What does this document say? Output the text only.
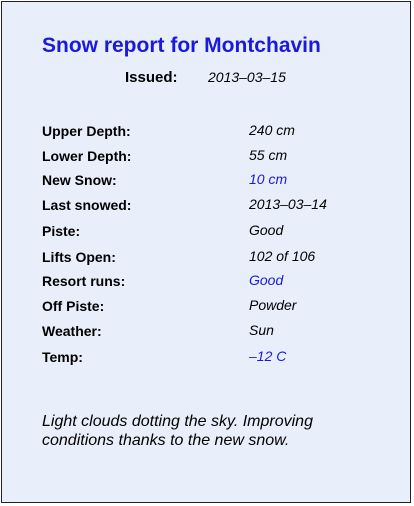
Snow report for Montchavin
Issued: 2013–03–15
Upper Depth:	240 cm
Lower Depth:	55 cm
New Snow:	10 cm
Last snowed:	2013–03–14
Piste:	Good
Lifts Open:	102 of 106
Resort runs:	Good
Off Piste:	Powder
Weather:	Sun
Temp:	–12 C
Light clouds dotting the sky. Improving
conditions thanks to the new snow.
